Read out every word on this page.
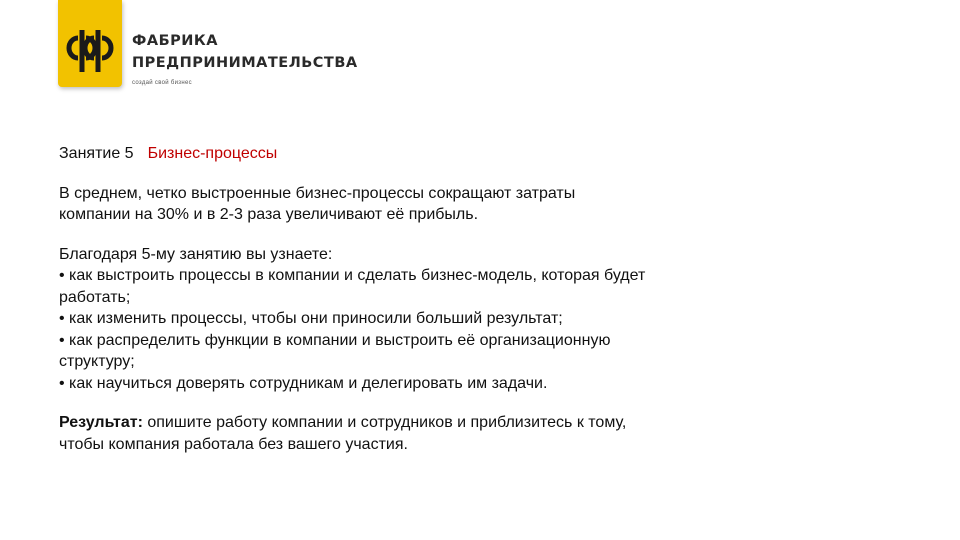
ФАБРИКА
ПРЕДПРИНИМАТЕЛЬСТВА
создай свой бизнес
Занятие 5 Бизнес-процессы

В среднем, четко выстроенные бизнес-процессы сокращают затраты
компании на 30% и в 2-3 раза увеличивают её прибыль.

Благодаря 5-му занятию вы узнаете:
• как выстроить процессы в компании и сделать бизнес-модель, которая будет
работать;
• как изменить процессы, чтобы они приносили больший результат;
• как распределить функции в компании и выстроить её организационную
структуру;
• как научиться доверять сотрудникам и делегировать им задачи.

Результат: опишите работу компании и сотрудников и приблизитесь к тому,
чтобы компания работала без вашего участия.
